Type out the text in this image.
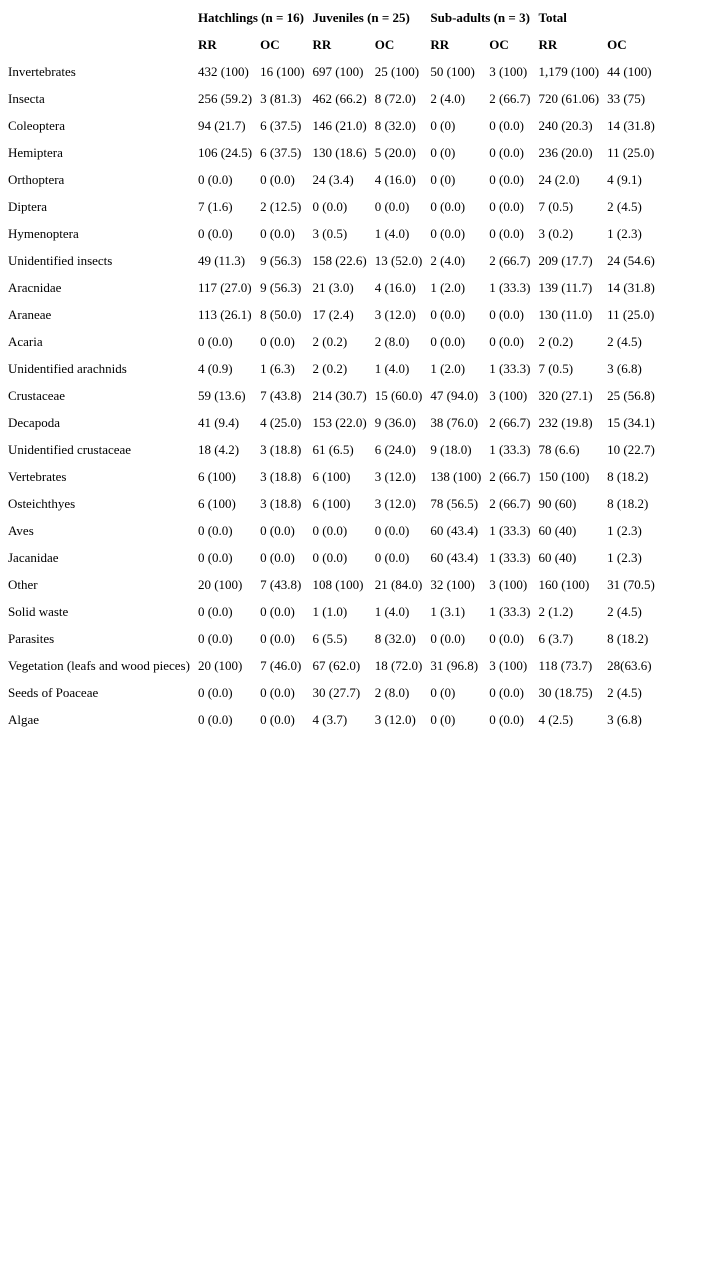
	Hatchlings (n = 16)		Juveniles (n = 25)		Sub-adults (n = 3)		Total	
	RR	OC	RR	OC	RR	OC	RR	OC
Invertebrates	432 (100)	16 (100)	697 (100)	25 (100)	50 (100)	3 (100)	1,179 (100)	44 (100)
Insecta	256 (59.2)	3 (81.3)	462 (66.2)	8 (72.0)	2 (4.0)	2 (66.7)	720 (61.06)	33 (75)
Coleoptera	94 (21.7)	6 (37.5)	146 (21.0)	8 (32.0)	0 (0)	0 (0.0)	240 (20.3)	14 (31.8)
Hemiptera	106 (24.5)	6 (37.5)	130 (18.6)	5 (20.0)	0 (0)	0 (0.0)	236 (20.0)	11 (25.0)
Orthoptera	0 (0.0)	0 (0.0)	24 (3.4)	4 (16.0)	0 (0)	0 (0.0)	24 (2.0)	4 (9.1)
Diptera	7 (1.6)	2 (12.5)	0 (0.0)	0 (0.0)	0 (0.0)	0 (0.0)	7 (0.5)	2 (4.5)
Hymenoptera	0 (0.0)	0 (0.0)	3 (0.5)	1 (4.0)	0 (0.0)	0 (0.0)	3 (0.2)	1 (2.3)
Unidentified insects	49 (11.3)	9 (56.3)	158 (22.6)	13 (52.0)	2 (4.0)	2 (66.7)	209 (17.7)	24 (54.6)
Aracnidae	117 (27.0)	9 (56.3)	21 (3.0)	4 (16.0)	1 (2.0)	1 (33.3)	139 (11.7)	14 (31.8)
Araneae	113 (26.1)	8 (50.0)	17 (2.4)	3 (12.0)	0 (0.0)	0 (0.0)	130 (11.0)	11 (25.0)
Acaria	0 (0.0)	0 (0.0)	2 (0.2)	2 (8.0)	0 (0.0)	0 (0.0)	2 (0.2)	2 (4.5)
Unidentified arachnids	4 (0.9)	1 (6.3)	2 (0.2)	1 (4.0)	1 (2.0)	1 (33.3)	7 (0.5)	3 (6.8)
Crustaceae	59 (13.6)	7 (43.8)	214 (30.7)	15 (60.0)	47 (94.0)	3 (100)	320 (27.1)	25 (56.8)
Decapoda	41 (9.4)	4 (25.0)	153 (22.0)	9 (36.0)	38 (76.0)	2 (66.7)	232 (19.8)	15 (34.1)
Unidentified crustaceae	18 (4.2)	3 (18.8)	61 (6.5)	6 (24.0)	9 (18.0)	1 (33.3)	78 (6.6)	10 (22.7)
Vertebrates	6 (100)	3 (18.8)	6 (100)	3 (12.0)	138 (100)	2 (66.7)	150 (100)	8 (18.2)
Osteichthyes	6 (100)	3 (18.8)	6 (100)	3 (12.0)	78 (56.5)	2 (66.7)	90 (60)	8 (18.2)
Aves	0 (0.0)	0 (0.0)	0 (0.0)	0 (0.0)	60 (43.4)	1 (33.3)	60 (40)	1 (2.3)
Jacanidae	0 (0.0)	0 (0.0)	0 (0.0)	0 (0.0)	60 (43.4)	1 (33.3)	60 (40)	1 (2.3)
Other	20 (100)	7 (43.8)	108 (100)	21 (84.0)	32 (100)	3 (100)	160 (100)	31 (70.5)
Solid waste	0 (0.0)	0 (0.0)	1 (1.0)	1 (4.0)	1 (3.1)	1 (33.3)	2 (1.2)	2 (4.5)
Parasites	0 (0.0)	0 (0.0)	6 (5.5)	8 (32.0)	0 (0.0)	0 (0.0)	6 (3.7)	8 (18.2)
Vegetation (leafs and wood pieces)	20 (100)	7 (46.0)	67 (62.0)	18 (72.0)	31 (96.8)	3 (100)	118 (73.7)	28(63.6)
Seeds of Poaceae	0 (0.0)	0 (0.0)	30 (27.7)	2 (8.0)	0 (0)	0 (0.0)	30 (18.75)	2 (4.5)
Algae	0 (0.0)	0 (0.0)	4 (3.7)	3 (12.0)	0 (0)	0 (0.0)	4 (2.5)	3 (6.8)
